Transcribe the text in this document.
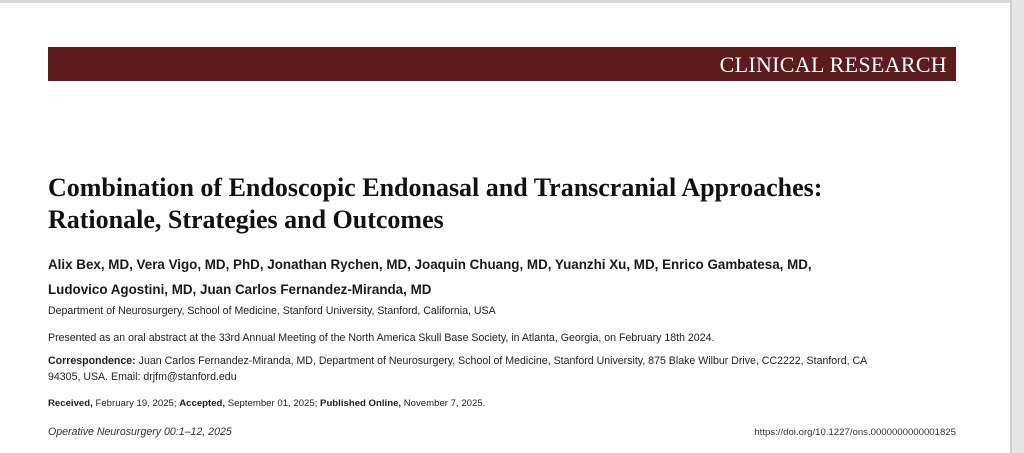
CLINICAL RESEARCH
Combination of Endoscopic Endonasal and Transcranial Approaches:
Rationale, Strategies and Outcomes
Alix Bex, MD, Vera Vigo, MD, PhD, Jonathan Rychen, MD, Joaquin Chuang, MD, Yuanzhi Xu, MD, Enrico Gambatesa, MD,
Ludovico Agostini, MD, Juan Carlos Fernandez-Miranda, MD
Department of Neurosurgery, School of Medicine, Stanford University, Stanford, California, USA
Presented as an oral abstract at the 33rd Annual Meeting of the North America Skull Base Society, in Atlanta, Georgia, on February 18th 2024.
Correspondence: Juan Carlos Fernandez-Miranda, MD, Department of Neurosurgery, School of Medicine, Stanford University, 875 Blake Wilbur Drive, CC2222, Stanford, CA
94305, USA. Email: drjfm@stanford.edu
Received, February 19, 2025; Accepted, September 01, 2025; Published Online, November 7, 2025.
Operative Neurosurgery 00:1–12, 2025	https://doi.org/10.1227/ons.0000000000001825
